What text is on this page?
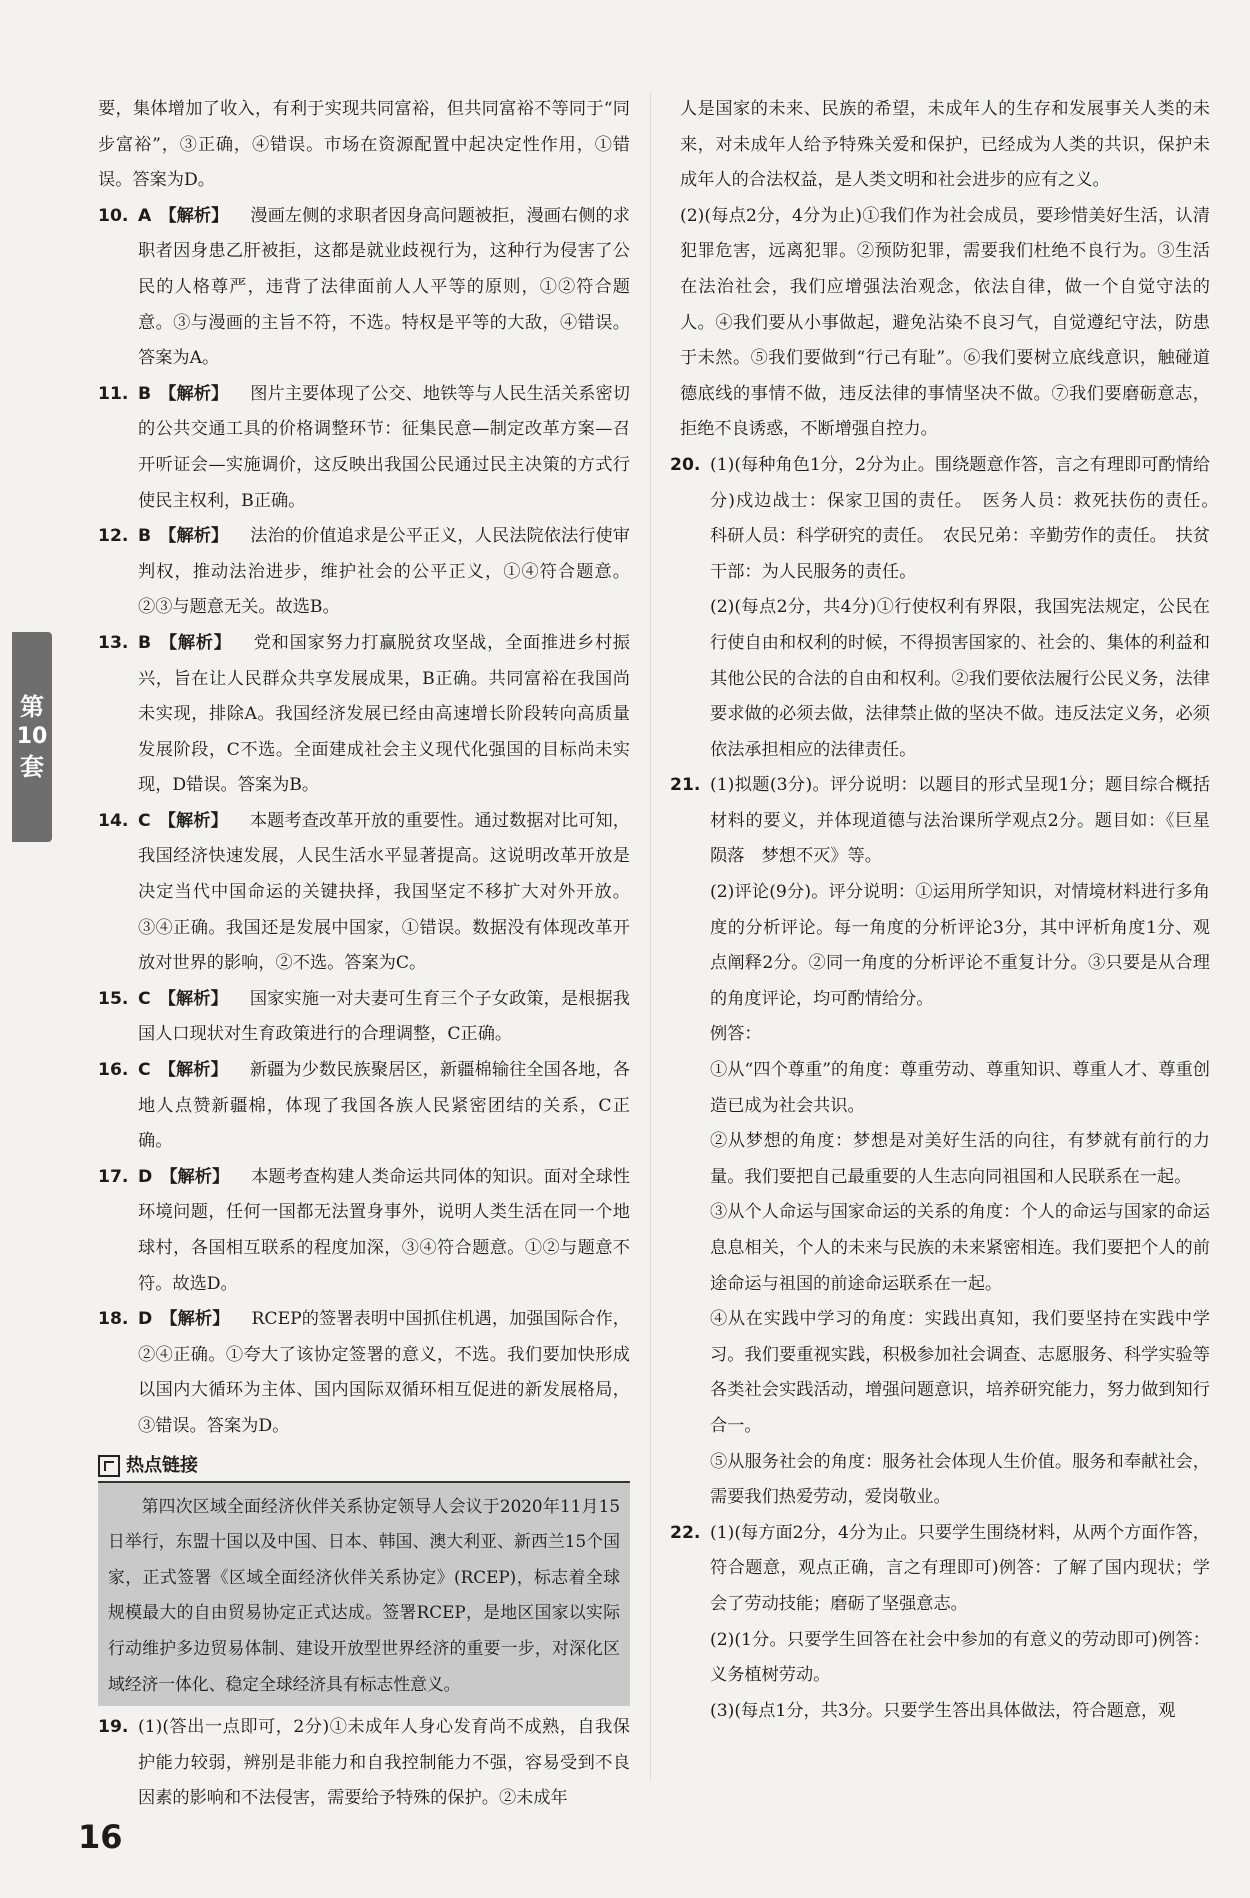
第
10
套

要，集体增加了收入，有利于实现共同富裕，但共同富裕不等同于“同步富裕”，③正确，④错误。市场在资源配置中起决定性作用，①错误。答案为D。

10. A 【解析】 漫画左侧的求职者因身高问题被拒，漫画右侧的求职者因身患乙肝被拒，这都是就业歧视行为，这种行为侵害了公民的人格尊严，违背了法律面前人人平等的原则，①②符合题意。③与漫画的主旨不符，不选。特权是平等的大敌，④错误。答案为A。

11. B 【解析】 图片主要体现了公交、地铁等与人民生活关系密切的公共交通工具的价格调整环节：征集民意—制定改革方案—召开听证会—实施调价，这反映出我国公民通过民主决策的方式行使民主权利，B正确。

12. B 【解析】 法治的价值追求是公平正义，人民法院依法行使审判权，推动法治进步，维护社会的公平正义，①④符合题意。②③与题意无关。故选B。

13. B 【解析】 党和国家努力打赢脱贫攻坚战，全面推进乡村振兴，旨在让人民群众共享发展成果，B正确。共同富裕在我国尚未实现，排除A。我国经济发展已经由高速增长阶段转向高质量发展阶段，C不选。全面建成社会主义现代化强国的目标尚未实现，D错误。答案为B。

14. C 【解析】 本题考查改革开放的重要性。通过数据对比可知，我国经济快速发展，人民生活水平显著提高。这说明改革开放是决定当代中国命运的关键抉择，我国坚定不移扩大对外开放。③④正确。我国还是发展中国家，①错误。数据没有体现改革开放对世界的影响，②不选。答案为C。

15. C 【解析】 国家实施一对夫妻可生育三个子女政策，是根据我国人口现状对生育政策进行的合理调整，C正确。

16. C 【解析】 新疆为少数民族聚居区，新疆棉输往全国各地，各地人点赞新疆棉，体现了我国各族人民紧密团结的关系，C正确。

17. D 【解析】 本题考查构建人类命运共同体的知识。面对全球性环境问题，任何一国都无法置身事外，说明人类生活在同一个地球村，各国相互联系的程度加深，③④符合题意。①②与题意不符。故选D。

18. D 【解析】 RCEP的签署表明中国抓住机遇，加强国际合作，②④正确。①夸大了该协定签署的意义，不选。我们要加快形成以国内大循环为主体、国内国际双循环相互促进的新发展格局，③错误。答案为D。

热点链接
第四次区域全面经济伙伴关系协定领导人会议于2020年11月15日举行，东盟十国以及中国、日本、韩国、澳大利亚、新西兰15个国家，正式签署《区域全面经济伙伴关系协定》(RCEP)，标志着全球规模最大的自由贸易协定正式达成。签署RCEP，是地区国家以实际行动维护多边贸易体制、建设开放型世界经济的重要一步，对深化区域经济一体化、稳定全球经济具有标志性意义。

19. (1)(答出一点即可，2分)①未成年人身心发育尚不成熟，自我保护能力较弱，辨别是非能力和自我控制能力不强，容易受到不良因素的影响和不法侵害，需要给予特殊的保护。②未成年

人是国家的未来、民族的希望，未成年人的生存和发展事关人类的未来，对未成年人给予特殊关爱和保护，已经成为人类的共识，保护未成年人的合法权益，是人类文明和社会进步的应有之义。

(2)(每点2分，4分为止)①我们作为社会成员，要珍惜美好生活，认清犯罪危害，远离犯罪。②预防犯罪，需要我们杜绝不良行为。③生活在法治社会，我们应增强法治观念，依法自律，做一个自觉守法的人。④我们要从小事做起，避免沾染不良习气，自觉遵纪守法，防患于未然。⑤我们要做到“行己有耻”。⑥我们要树立底线意识，触碰道德底线的事情不做，违反法律的事情坚决不做。⑦我们要磨砺意志，拒绝不良诱惑，不断增强自控力。

20. (1)(每种角色1分，2分为止。围绕题意作答，言之有理即可酌情给分)戍边战士：保家卫国的责任。　医务人员：救死扶伤的责任。　科研人员：科学研究的责任。　农民兄弟：辛勤劳作的责任。　扶贫干部：为人民服务的责任。

(2)(每点2分，共4分)①行使权利有界限，我国宪法规定，公民在行使自由和权利的时候，不得损害国家的、社会的、集体的利益和其他公民的合法的自由和权利。②我们要依法履行公民义务，法律要求做的必须去做，法律禁止做的坚决不做。违反法定义务，必须依法承担相应的法律责任。

21. (1)拟题(3分)。评分说明：以题目的形式呈现1分；题目综合概括材料的要义，并体现道德与法治课所学观点2分。题目如：《巨星陨落　梦想不灭》等。

(2)评论(9分)。评分说明：①运用所学知识，对情境材料进行多角度的分析评论。每一角度的分析评论3分，其中评析角度1分、观点阐释2分。②同一角度的分析评论不重复计分。③只要是从合理的角度评论，均可酌情给分。

例答：

①从“四个尊重”的角度：尊重劳动、尊重知识、尊重人才、尊重创造已成为社会共识。

②从梦想的角度：梦想是对美好生活的向往，有梦就有前行的力量。我们要把自己最重要的人生志向同祖国和人民联系在一起。

③从个人命运与国家命运的关系的角度：个人的命运与国家的命运息息相关，个人的未来与民族的未来紧密相连。我们要把个人的前途命运与祖国的前途命运联系在一起。

④从在实践中学习的角度：实践出真知，我们要坚持在实践中学习。我们要重视实践，积极参加社会调查、志愿服务、科学实验等各类社会实践活动，增强问题意识，培养研究能力，努力做到知行合一。

⑤从服务社会的角度：服务社会体现人生价值。服务和奉献社会，需要我们热爱劳动，爱岗敬业。

22. (1)(每方面2分，4分为止。只要学生围绕材料，从两个方面作答，符合题意，观点正确，言之有理即可)例答：了解了国内现状；学会了劳动技能；磨砺了坚强意志。

(2)(1分。只要学生回答在社会中参加的有意义的劳动即可)例答：义务植树劳动。

(3)(每点1分，共3分。只要学生答出具体做法，符合题意，观

16
